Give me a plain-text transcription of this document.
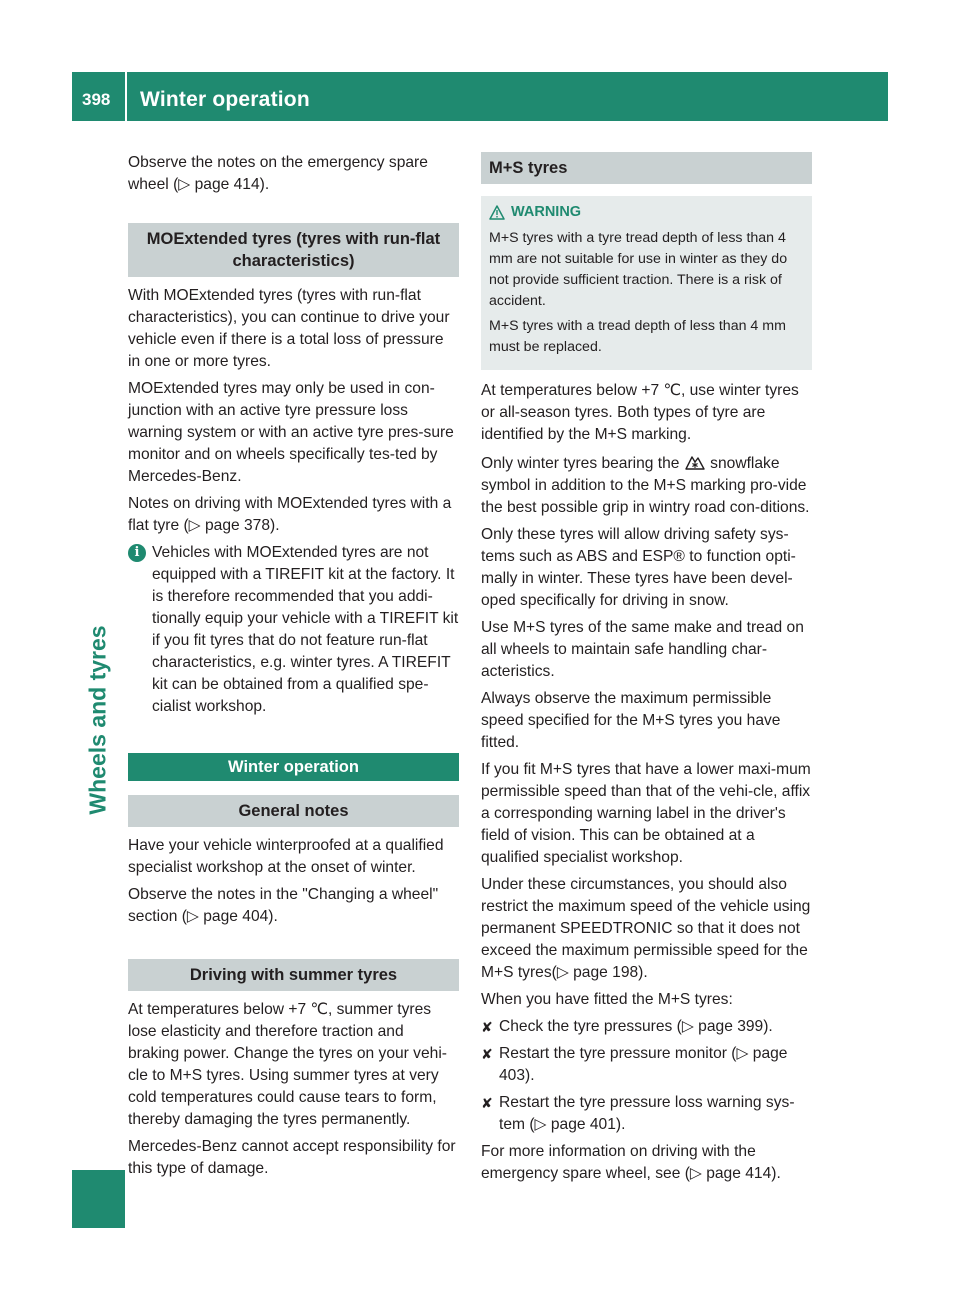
398	Winter operation
Wheels and tyres

Observe the notes on the emergency spare wheel (▷ page 414).

MOExtended tyres (tyres with run-flat characteristics)

With MOExtended tyres (tyres with run-flat characteristics), you can continue to drive your vehicle even if there is a total loss of pressure in one or more tyres.

MOExtended tyres may only be used in con-junction with an active tyre pressure loss warning system or with an active tyre pres-sure monitor and on wheels specifically tes-ted by Mercedes-Benz.

Notes on driving with MOExtended tyres with a flat tyre (▷ page 378).

i Vehicles with MOExtended tyres are not equipped with a TIREFIT kit at the factory. It is therefore recommended that you addi-tionally equip your vehicle with a TIREFIT kit if you fit tyres that do not feature run-flat characteristics, e.g. winter tyres. A TIREFIT kit can be obtained from a qualified spe-cialist workshop.

Winter operation
General notes

Have your vehicle winterproofed at a qualified specialist workshop at the onset of winter.

Observe the notes in the "Changing a wheel" section (▷ page 404).

Driving with summer tyres

At temperatures below +7 ℃, summer tyres lose elasticity and therefore traction and braking power. Change the tyres on your vehi-cle to M+S tyres. Using summer tyres at very cold temperatures could cause tears to form, thereby damaging the tyres permanently.

Mercedes-Benz cannot accept responsibility for this type of damage.

M+S tyres
WARNING

M+S tyres with a tyre tread depth of less than 4 mm are not suitable for use in winter as they do not provide sufficient traction. There is a risk of accident.

M+S tyres with a tread depth of less than 4 mm must be replaced.

At temperatures below +7 ℃, use winter tyres or all-season tyres. Both types of tyre are identified by the M+S marking.

Only winter tyres bearing the snowflake symbol in addition to the M+S marking pro-vide the best possible grip in wintry road con-ditions.

Only these tyres will allow driving safety sys-tems such as ABS and ESP® to function opti-mally in winter. These tyres have been devel-oped specifically for driving in snow.

Use M+S tyres of the same make and tread on all wheels to maintain safe handling char-acteristics.

Always observe the maximum permissible speed specified for the M+S tyres you have fitted.

If you fit M+S tyres that have a lower maxi-mum permissible speed than that of the vehi-cle, affix a corresponding warning label in the driver's field of vision. This can be obtained at a qualified specialist workshop.

Under these circumstances, you should also restrict the maximum speed of the vehicle using permanent SPEEDTRONIC so that it does not exceed the maximum permissible speed for the M+S tyres(▷ page 198).

When you have fitted the M+S tyres:

✘ Check the tyre pressures (▷ page 399).

✘ Restart the tyre pressure monitor (▷ page 403).

✘ Restart the tyre pressure loss warning sys-tem (▷ page 401).

For more information on driving with the emergency spare wheel, see (▷ page 414).
